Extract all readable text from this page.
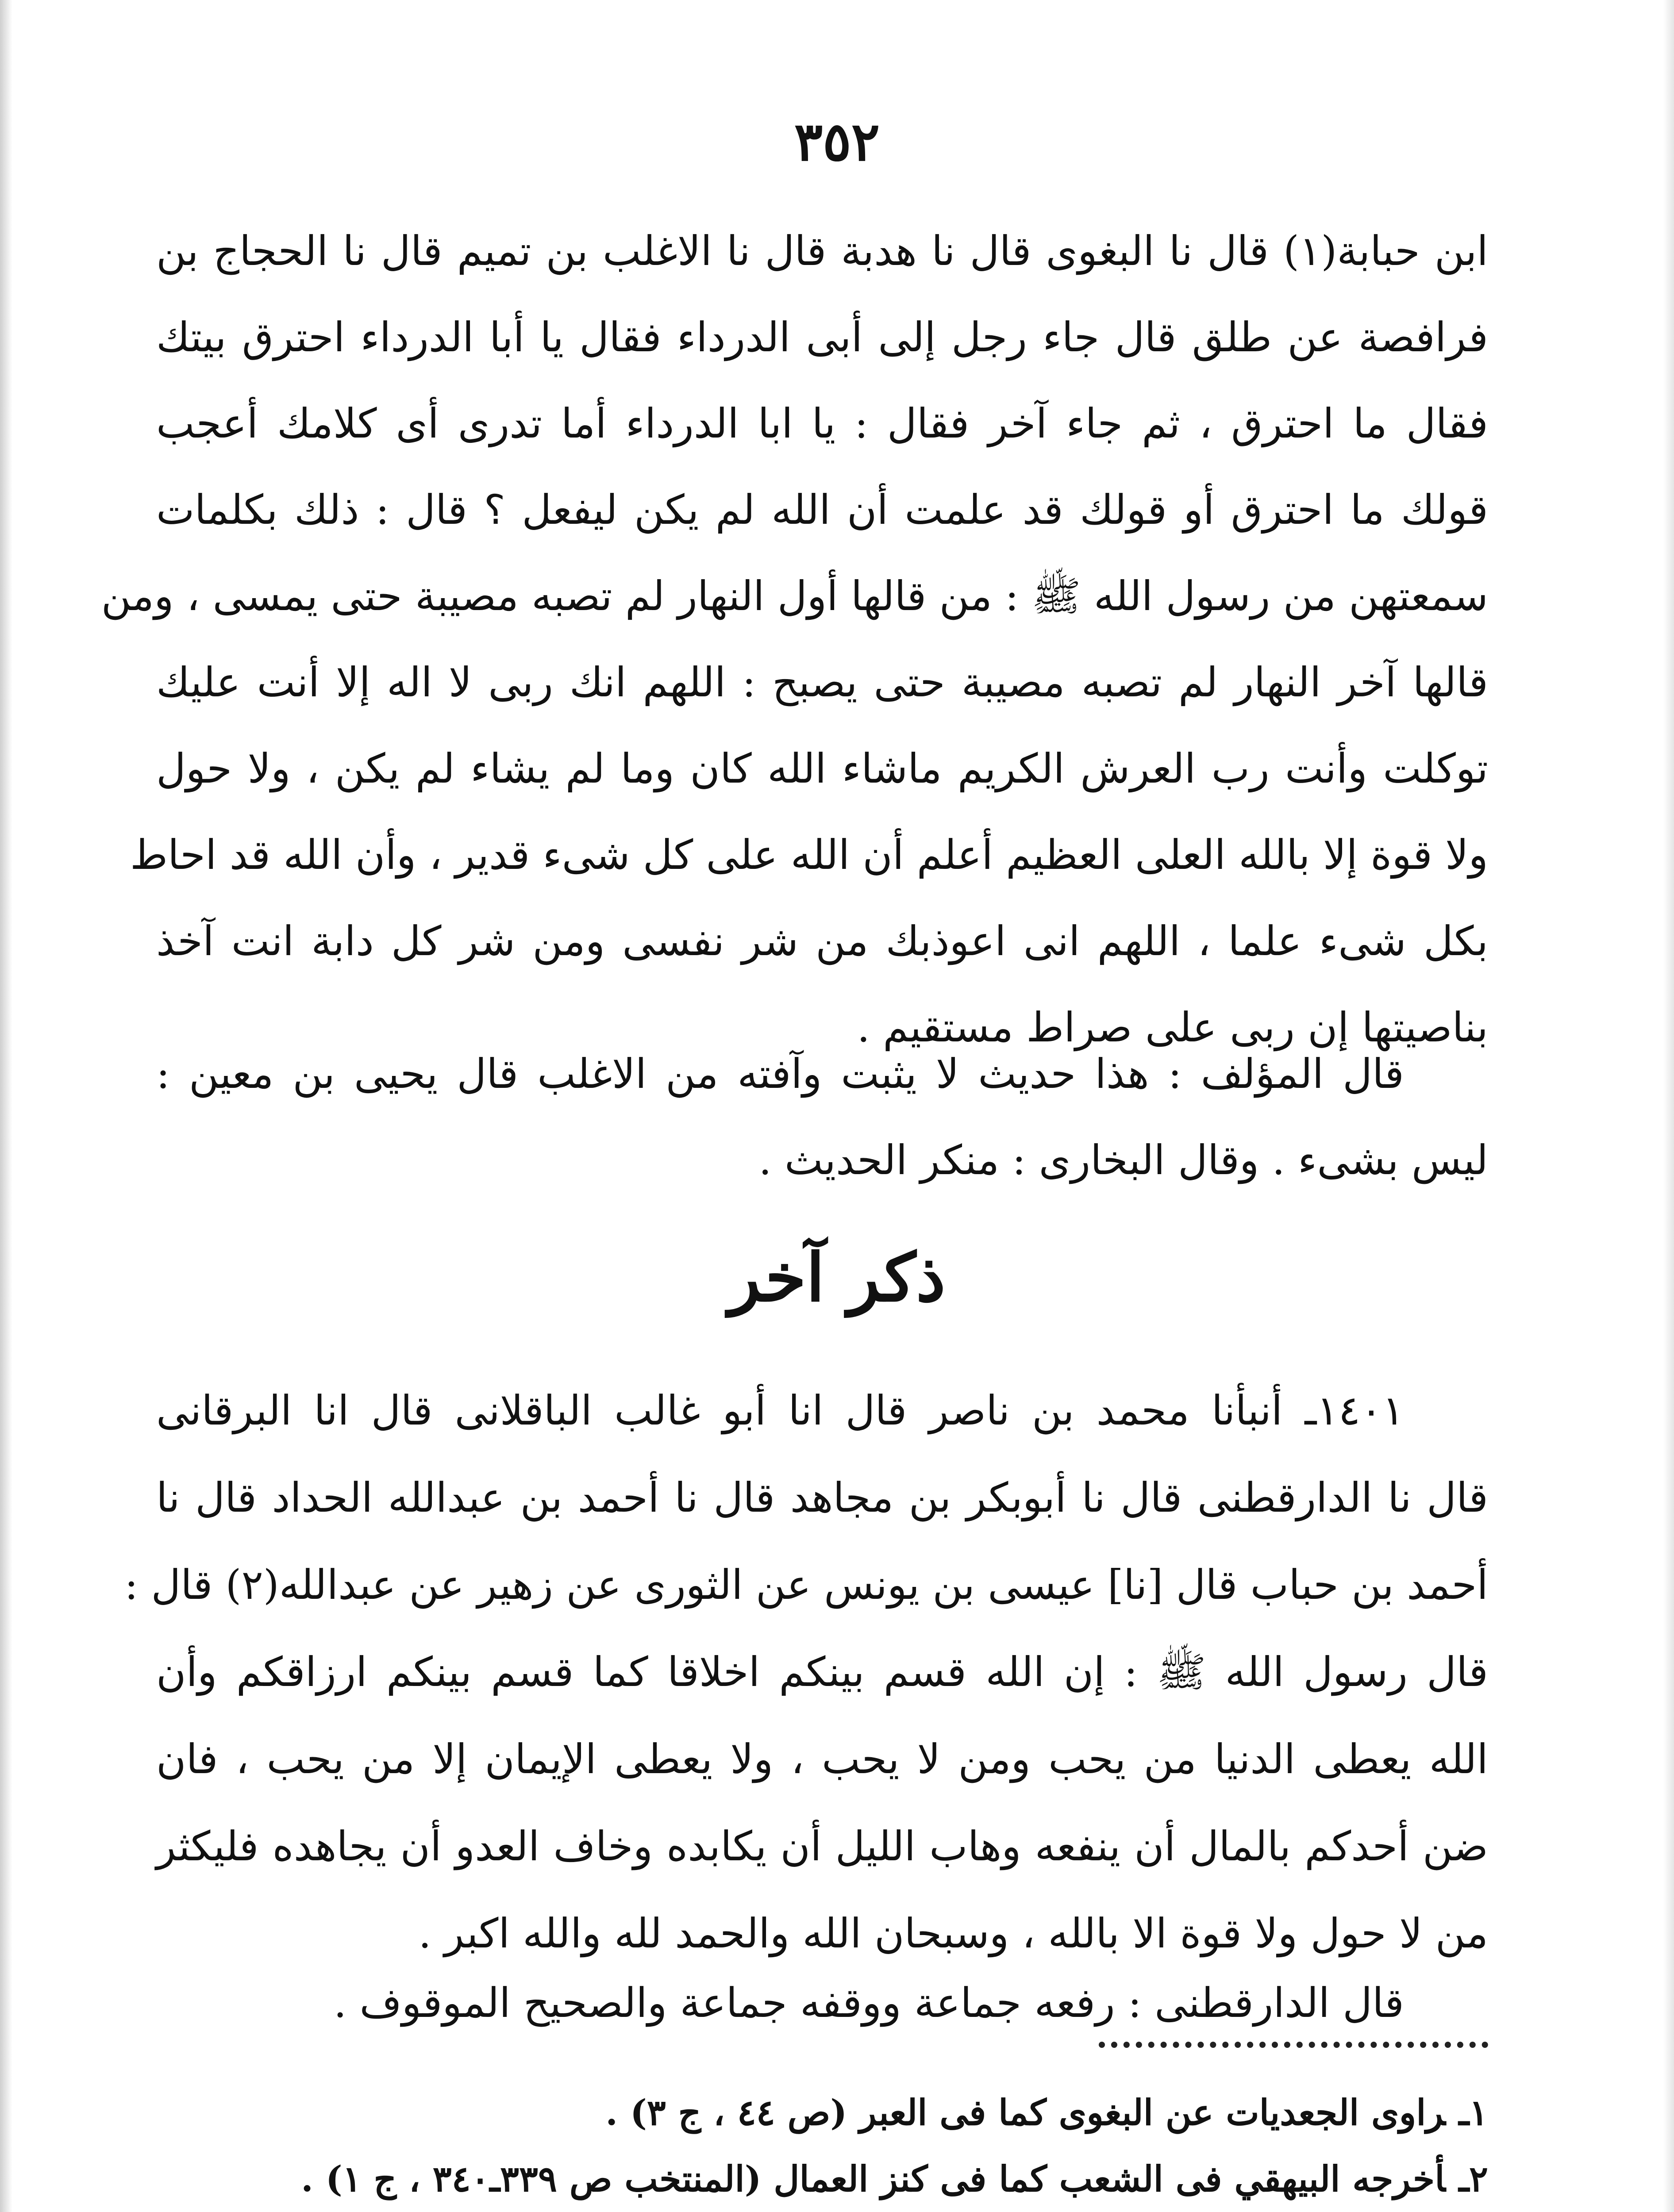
٣٥٢
ابن حبابة(١) قال نا البغوى قال نا هدبة قال نا الاغلب بن تميم قال نا الحجاج بن
فرافصة عن طلق قال جاء رجل إلى أبى الدرداء فقال يا أبا الدرداء احترق بيتك
فقال ما احترق ، ثم جاء آخر فقال : يا ابا الدرداء أما تدرى أى كلامك أعجب
قولك ما احترق أو قولك قد علمت أن الله لم يكن ليفعل ؟ قال : ذلك بكلمات
سمعتهن من رسول الله ﷺ : من قالها أول النهار لم تصبه مصيبة حتى يمسى ، ومن
قالها آخر النهار لم تصبه مصيبة حتى يصبح : اللهم انك ربى لا اله إلا أنت عليك
توكلت وأنت رب العرش الكريم ماشاء الله كان وما لم يشاء لم يكن ، ولا حول
ولا قوة إلا بالله العلى العظيم أعلم أن الله على كل شىء قدير ، وأن الله قد احاط
بكل شىء علما ، اللهم انى اعوذبك من شر نفسى ومن شر كل دابة انت آخذ
بناصيتها إن ربى على صراط مستقيم .
قال المؤلف : هذا حديث لا يثبت وآفته من الاغلب قال يحيى بن معين :
ليس بشىء . وقال البخارى : منكر الحديث .
ذكر آخر
١٤٠١ـ أنبأنا محمد بن ناصر قال انا أبو غالب الباقلانى قال انا البرقانى
قال نا الدارقطنى قال نا أبوبكر بن مجاهد قال نا أحمد بن عبدالله الحداد قال نا
أحمد بن حباب قال [نا] عيسى بن يونس عن الثورى عن زهير عن عبدالله(٢) قال :
قال رسول الله ﷺ : إن الله قسم بينكم اخلاقا كما قسم بينكم ارزاقكم وأن
الله يعطى الدنيا من يحب ومن لا يحب ، ولا يعطى الإيمان إلا من يحب ، فان
ضن أحدكم بالمال أن ينفعه وهاب الليل أن يكابده وخاف العدو أن يجاهده فليكثر
من لا حول ولا قوة الا بالله ، وسبحان الله والحمد لله والله اكبر .
قال الدارقطنى : رفعه جماعة ووقفه جماعة والصحيح الموقوف .
١ـراوى الجعديات عن البغوى كما فى العبر (ص ٤٤ ، ج ٣) .
٢ـأخرجه البيهقي فى الشعب كما فى كنز العمال (المنتخب ص ٣٣٩ـ٣٤٠ ، ج ١) .
